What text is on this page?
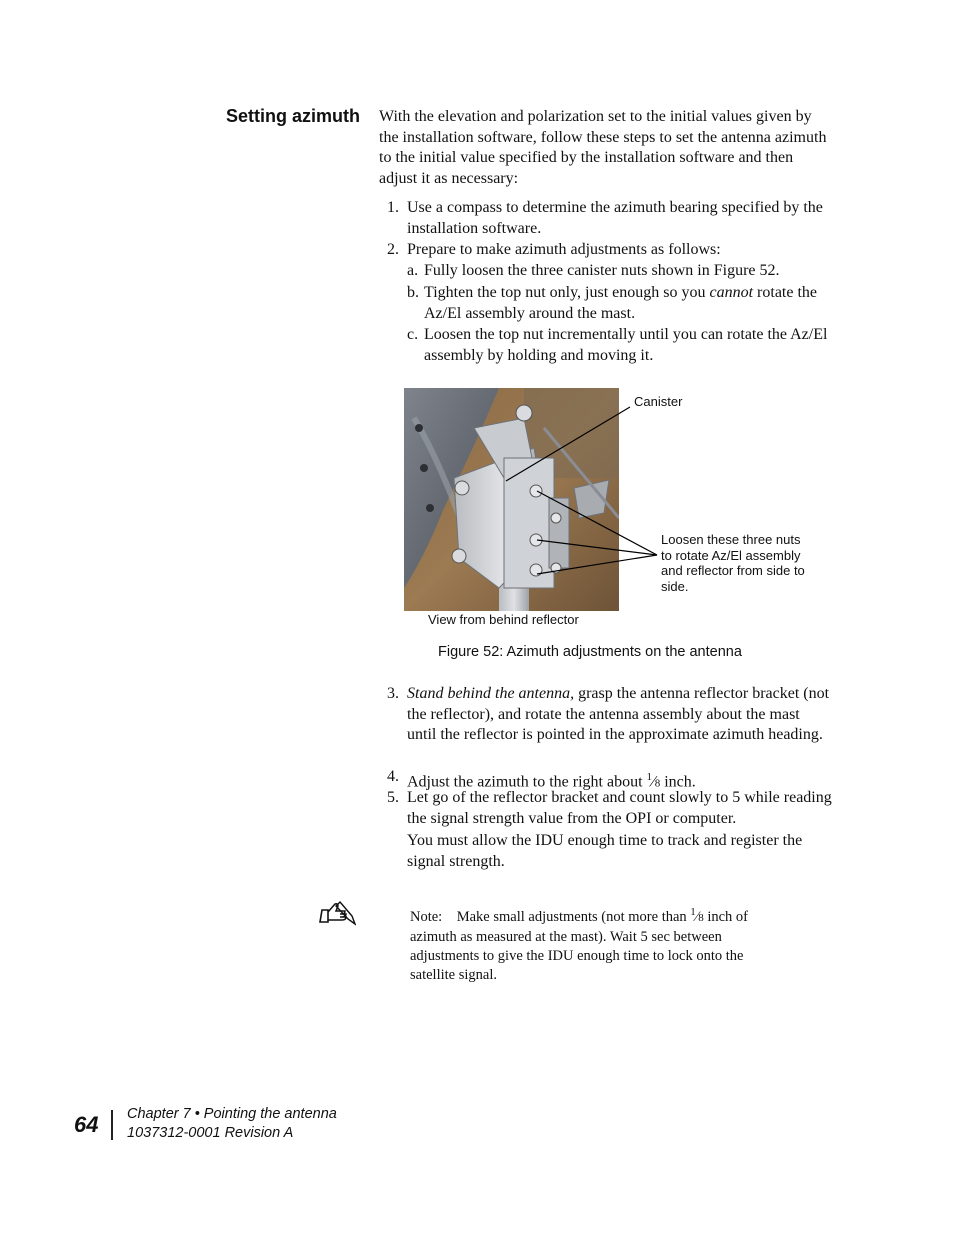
Setting azimuth With the elevation and polarization set to the initial values given by the installation software, follow these steps to set the antenna azimuth to the initial value specified by the installation software and then adjust it as necessary:
1. Use a compass to determine the azimuth bearing specified by the installation software.
2. Prepare to make azimuth adjustments as follows:
a. Fully loosen the three canister nuts shown in Figure 52.
b. Tighten the top nut only, just enough so you cannot rotate the Az/El assembly around the mast.
c. Loosen the top nut incrementally until you can rotate the Az/El assembly by holding and moving it.
Canister
Loosen these three nuts to rotate Az/El assembly and reflector from side to side.
View from behind reflector
Figure 52: Azimuth adjustments on the antenna
3. Stand behind the antenna, grasp the antenna reflector bracket (not the reflector), and rotate the antenna assembly about the mast until the reflector is pointed in the approximate azimuth heading.
4. Adjust the azimuth to the right about $^1$⁄8 inch.
5. Let go of the reflector bracket and count slowly to 5 while reading the signal strength value from the OPI or computer.
You must allow the IDU enough time to track and register the signal strength.
Note: Make small adjustments (not more than $^1$⁄8 inch of azimuth as measured at the mast). Wait 5 sec between adjustments to give the IDU enough time to lock onto the satellite signal.
64 Chapter 7 • Pointing the antenna
1037312-0001 Revision A
